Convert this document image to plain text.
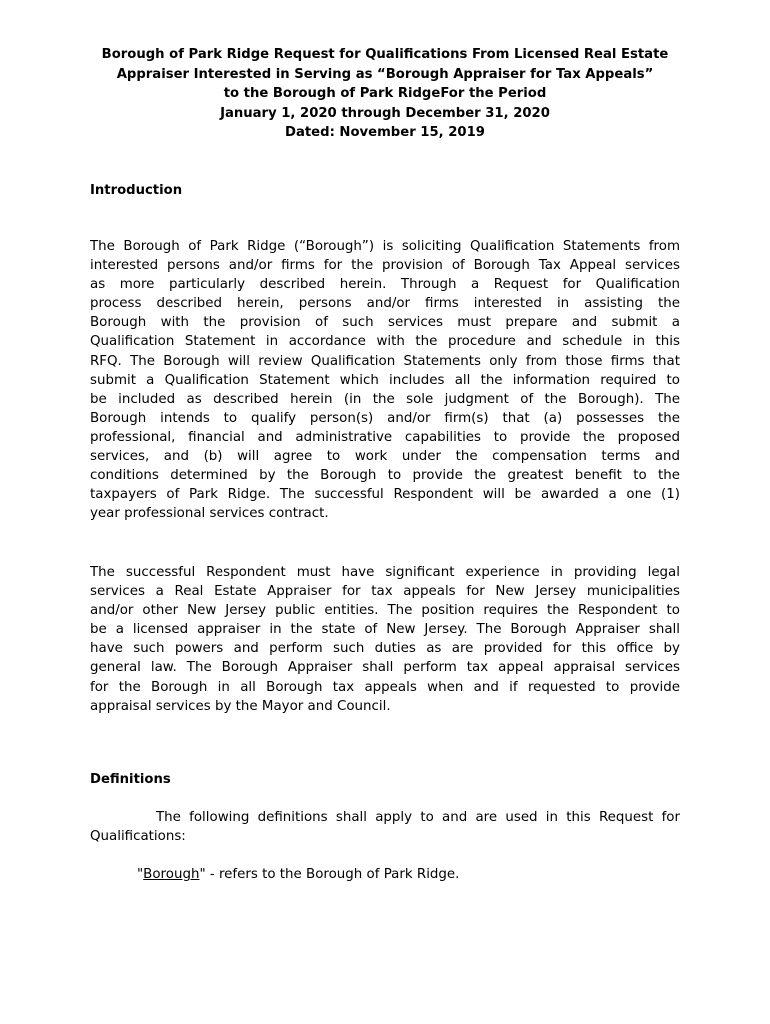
Borough of Park Ridge Request for Qualifications From Licensed Real Estate
Appraiser Interested in Serving as “Borough Appraiser for Tax Appeals”
to the Borough of Park RidgeFor the Period
January 1, 2020 through December 31, 2020
Dated: November 15, 2019
Introduction
The Borough of Park Ridge (“Borough”) is soliciting Qualification Statements from
interested persons and/or firms for the provision of Borough Tax Appeal services
as more particularly described herein. Through a Request for Qualification
process described herein, persons and/or firms interested in assisting the
Borough with the provision of such services must prepare and submit a
Qualification Statement in accordance with the procedure and schedule in this
RFQ. The Borough will review Qualification Statements only from those firms that
submit a Qualification Statement which includes all the information required to
be included as described herein (in the sole judgment of the Borough). The
Borough intends to qualify person(s) and/or firm(s) that (a) possesses the
professional, financial and administrative capabilities to provide the proposed
services, and (b) will agree to work under the compensation terms and
conditions determined by the Borough to provide the greatest benefit to the
taxpayers of Park Ridge. The successful Respondent will be awarded a one (1)
year professional services contract.
The successful Respondent must have significant experience in providing legal
services a Real Estate Appraiser for tax appeals for New Jersey municipalities
and/or other New Jersey public entities. The position requires the Respondent to
be a licensed appraiser in the state of New Jersey. The Borough Appraiser shall
have such powers and perform such duties as are provided for this office by
general law. The Borough Appraiser shall perform tax appeal appraisal services
for the Borough in all Borough tax appeals when and if requested to provide
appraisal services by the Mayor and Council.
Definitions
The following definitions shall apply to and are used in this Request for
Qualifications:
"Borough" - refers to the Borough of Park Ridge.
